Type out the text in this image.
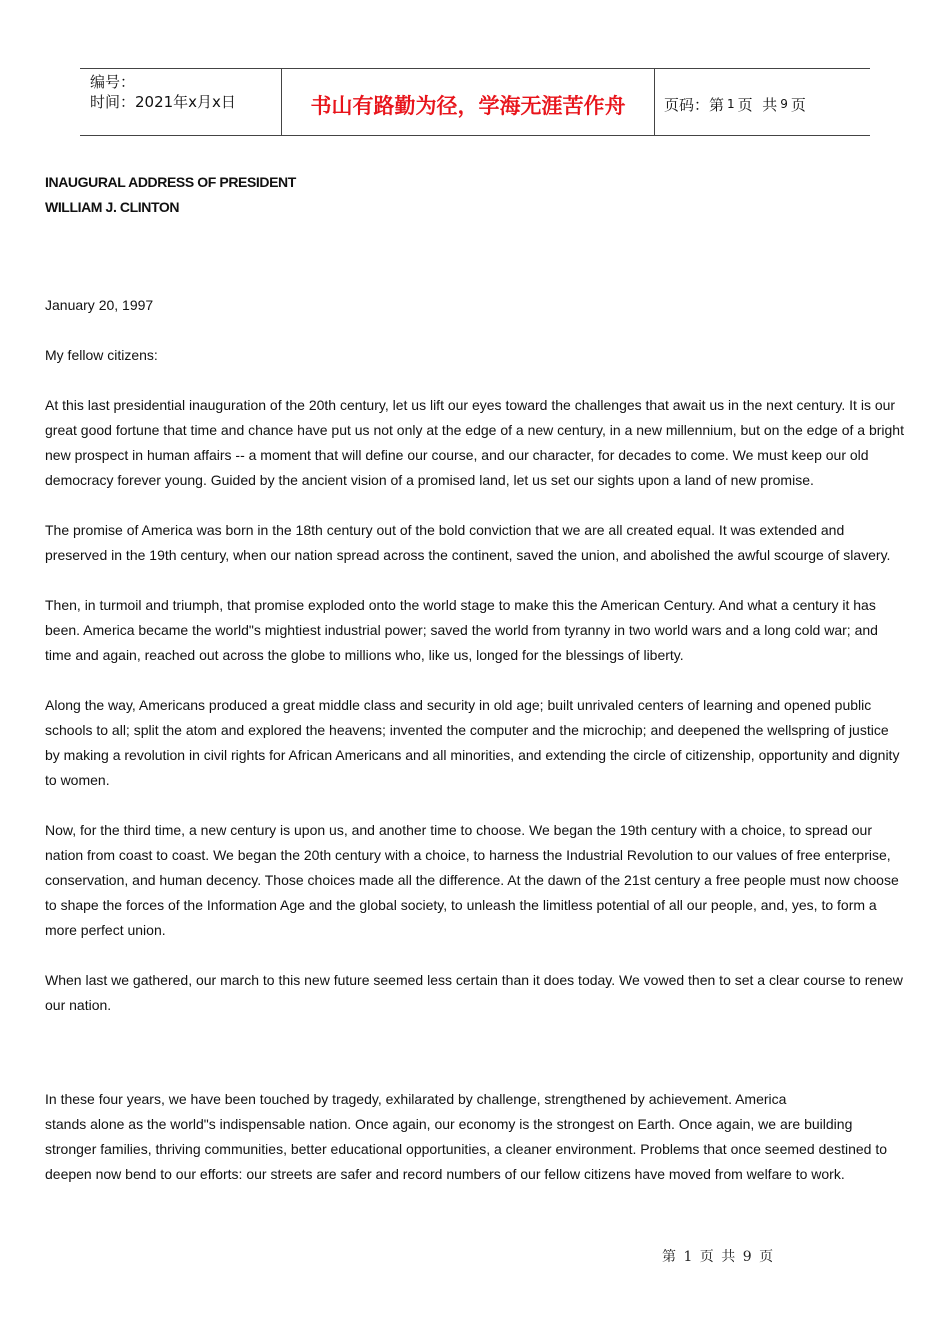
编号：
时间：2021年x月x日	书山有路勤为径，学海无涯苦作舟	页码：第 1 页  共 9 页

INAUGURAL ADDRESS OF PRESIDENT

WILLIAM J. CLINTON

January 20, 1997

My fellow citizens:

At this last presidential inauguration of the 20th century, let us lift our eyes toward the challenges that await us in the next century. It is our great good fortune that time and chance have put us not only at the edge of a new century, in a new millennium, but on the edge of a bright new prospect in human affairs -- a moment that will define our course, and our character, for decades to come. We must keep our old democracy forever young. Guided by the ancient vision of a promised land, let us set our sights upon a land of new promise.

The promise of America was born in the 18th century out of the bold conviction that we are all created equal. It was extended and preserved in the 19th century, when our nation spread across the continent, saved the union, and abolished the awful scourge of slavery.

Then, in turmoil and triumph, that promise exploded onto the world stage to make this the American Century. And what a century it has been. America became the world"s mightiest industrial power; saved the world from tyranny in two world wars and a long cold war; and time and again, reached out across the globe to millions who, like us, longed for the blessings of liberty.

Along the way, Americans produced a great middle class and security in old age; built unrivaled centers of learning and opened public schools to all; split the atom and explored the heavens; invented the computer and the microchip; and deepened the wellspring of justice by making a revolution in civil rights for African Americans and all minorities, and extending the circle of citizenship, opportunity and dignity to women.

Now, for the third time, a new century is upon us, and another time to choose. We began the 19th century with a choice, to spread our nation from coast to coast. We began the 20th century with a choice, to harness the Industrial Revolution to our values of free enterprise, conservation, and human decency. Those choices made all the difference. At the dawn of the 21st century a free people must now choose to shape the forces of the Information Age and the global society, to unleash the limitless potential of all our people, and, yes, to form a more perfect union.

When last we gathered, our march to this new future seemed less certain than it does today. We vowed then to set a clear course to renew our nation.

In these four years, we have been touched by tragedy, exhilarated by challenge, strengthened by achievement. America
stands alone as the world"s indispensable nation. Once again, our economy is the strongest on Earth. Once again, we are building stronger families, thriving communities, better educational opportunities, a cleaner environment. Problems that once seemed destined to deepen now bend to our efforts: our streets are safer and record numbers of our fellow citizens have moved from welfare to work.

第 1 页 共 9 页
